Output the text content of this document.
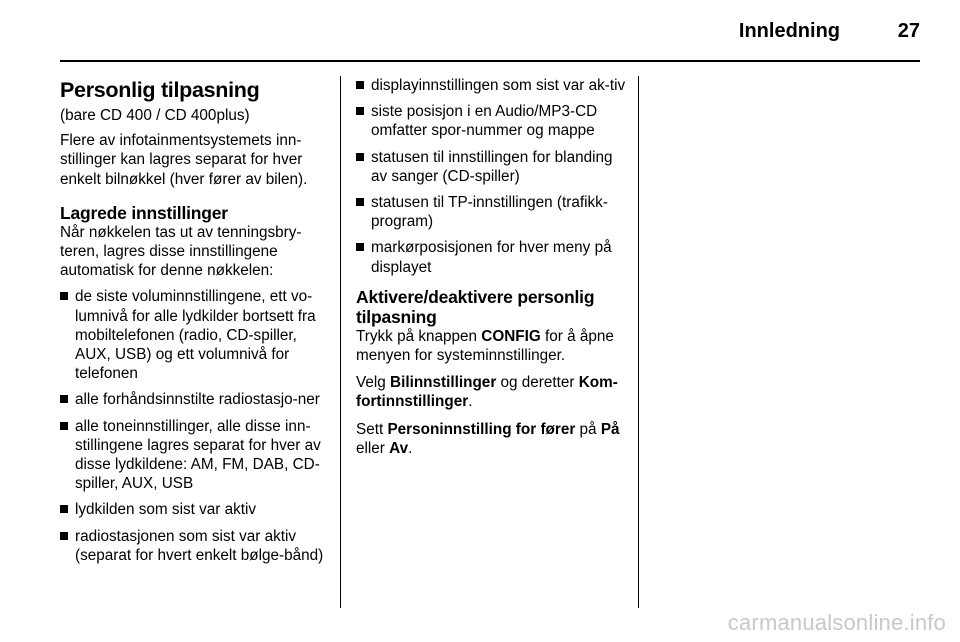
Innledning	27
Personlig tilpasning

(bare CD 400 / CD 400plus)

Flere av infotainmentsystemets inn-stillinger kan lagres separat for hver enkelt bilnøkkel (hver fører av bilen).

Lagrede innstillinger

Når nøkkelen tas ut av tenningsbry-teren, lagres disse innstillingene automatisk for denne nøkkelen:

de siste voluminnstillingene, ett vo-lumnivå for alle lydkilder bortsett fra mobiltelefonen (radio, CD-spiller, AUX, USB) og ett volumnivå for telefonen
alle forhåndsinnstilte radiostasjo-ner
alle toneinnstillinger, alle disse inn-stillingene lagres separat for hver av disse lydkildene: AM, FM, DAB, CD-spiller, AUX, USB
lydkilden som sist var aktiv
radiostasjonen som sist var aktiv (separat for hvert enkelt bølge-bånd)
displayinnstillingen som sist var ak-tiv
siste posisjon i en Audio/MP3-CD omfatter spor-nummer og mappe
statusen til innstillingen for blanding av sanger (CD-spiller)
statusen til TP-innstillingen (trafikk-program)
markørposisjonen for hver meny på displayet
Aktivere/deaktivere personlig tilpasning

Trykk på knappen CONFIG for å åpne menyen for systeminnstillinger.

Velg Bilinnstillinger og deretter Kom-fortinnstillinger.

Sett Personinnstilling for fører på På eller Av.

carmanualsonline.info
